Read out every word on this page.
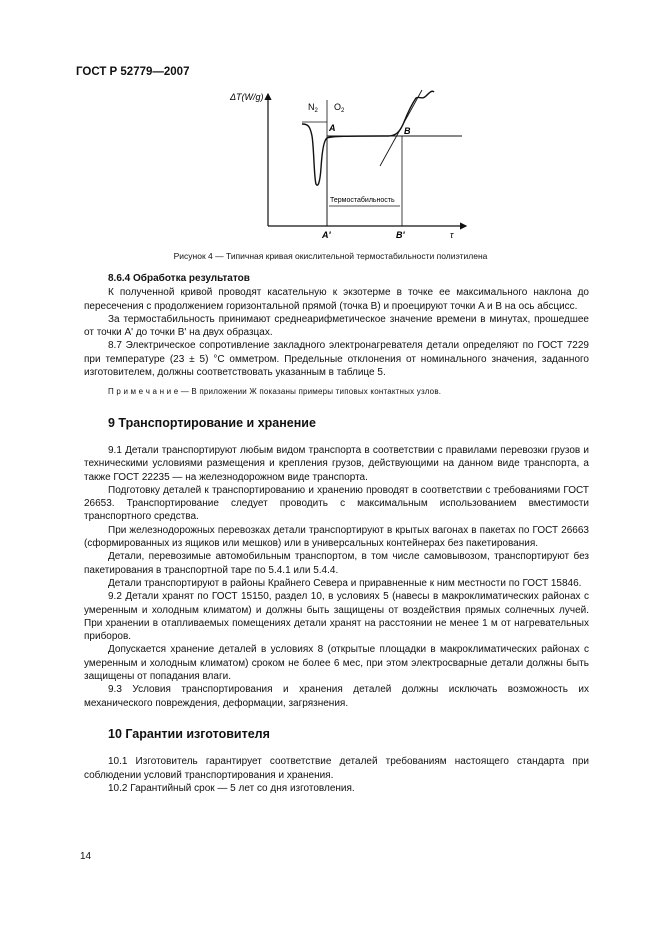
ГОСТ Р 52779—2007
ΔT(W/g)
$N_2$ $O_2$
A	B
Термостабильность
A'	B'	τ
Рисунок 4 — Типичная кривая окислительной термостабильности полиэтилена

8.6.4 Обработка результатов

К полученной кривой проводят касательную к экзотерме в точке ее максимального наклона до пересечения с продолжением горизонтальной прямой (точка B) и проецируют точки A и B на ось абсцисс.

За термостабильность принимают среднеарифметическое значение времени в минутах, прошедшее от точки A' до точки B' на двух образцах.

8.7 Электрическое сопротивление закладного электронагревателя детали определяют по ГОСТ 7229 при температуре (23 ± 5) °С омметром. Предельные отклонения от номинального значения, заданного изготовителем, должны соответствовать указанным в таблице 5.

П р и м е ч а н и е — В приложении Ж показаны примеры типовых контактных узлов.

9 Транспортирование и хранение

9.1 Детали транспортируют любым видом транспорта в соответствии с правилами перевозки грузов и техническими условиями размещения и крепления грузов, действующими на данном виде транспорта, а также ГОСТ 22235 — на железнодорожном виде транспорта.

Подготовку деталей к транспортированию и хранению проводят в соответствии с требованиями ГОСТ 26653. Транспортирование следует проводить с максимальным использованием вместимости транспортного средства.

При железнодорожных перевозках детали транспортируют в крытых вагонах в пакетах по ГОСТ 26663 (сформированных из ящиков или мешков) или в универсальных контейнерах без пакетирования.

Детали, перевозимые автомобильным транспортом, в том числе самовывозом, транспортируют без пакетирования в транспортной таре по 5.4.1 или 5.4.4.

Детали транспортируют в районы Крайнего Севера и приравненные к ним местности по ГОСТ 15846.

9.2 Детали хранят по ГОСТ 15150, раздел 10, в условиях 5 (навесы в макроклиматических районах с умеренным и холодным климатом) и должны быть защищены от воздействия прямых солнечных лучей. При хранении в отапливаемых помещениях детали хранят на расстоянии не менее 1 м от нагревательных приборов.

Допускается хранение деталей в условиях 8 (открытые площадки в макроклиматических районах с умеренным и холодным климатом) сроком не более 6 мес, при этом электросварные детали должны быть защищены от попадания влаги.

9.3 Условия транспортирования и хранения деталей должны исключать возможность их механического повреждения, деформации, загрязнения.

10 Гарантии изготовителя

10.1 Изготовитель гарантирует соответствие деталей требованиям настоящего стандарта при соблюдении условий транспортирования и хранения.

10.2 Гарантийный срок — 5 лет со дня изготовления.

14
